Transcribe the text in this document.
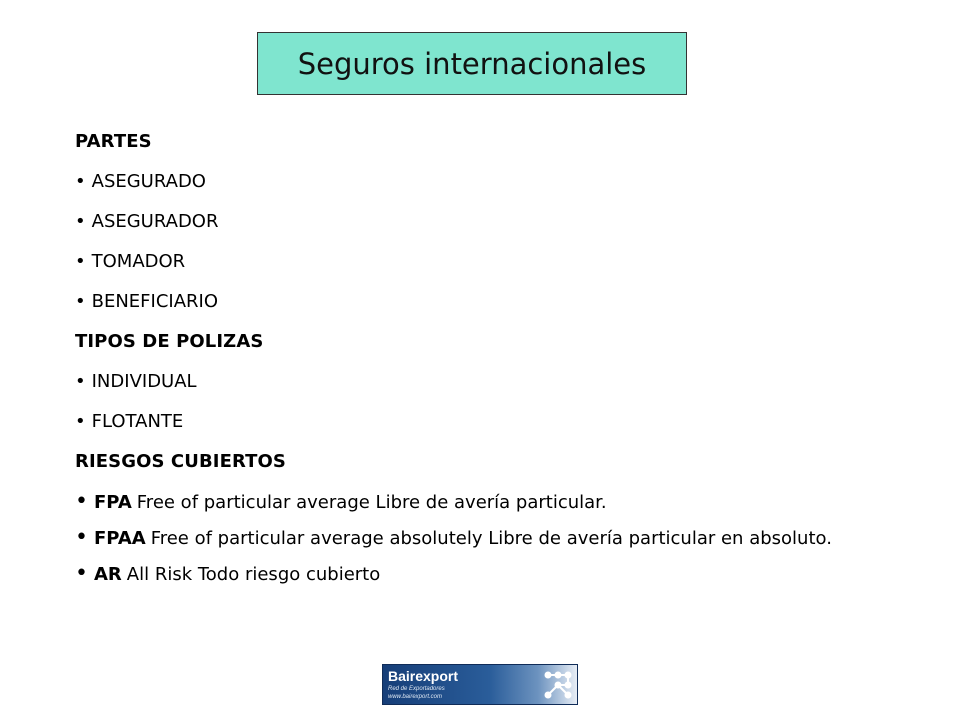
Seguros internacionales
PARTES
• ASEGURADO
• ASEGURADOR
• TOMADOR
• BENEFICIARIO
TIPOS DE POLIZAS
• INDIVIDUAL
• FLOTANTE
RIESGOS CUBIERTOS
• FPA Free of particular average Libre de avería particular.
• FPAA Free of particular average absolutely Libre de avería particular en absoluto.
• AR All Risk Todo riesgo cubierto
Bairexport
Red de Exportadores
www.bairexport.com
